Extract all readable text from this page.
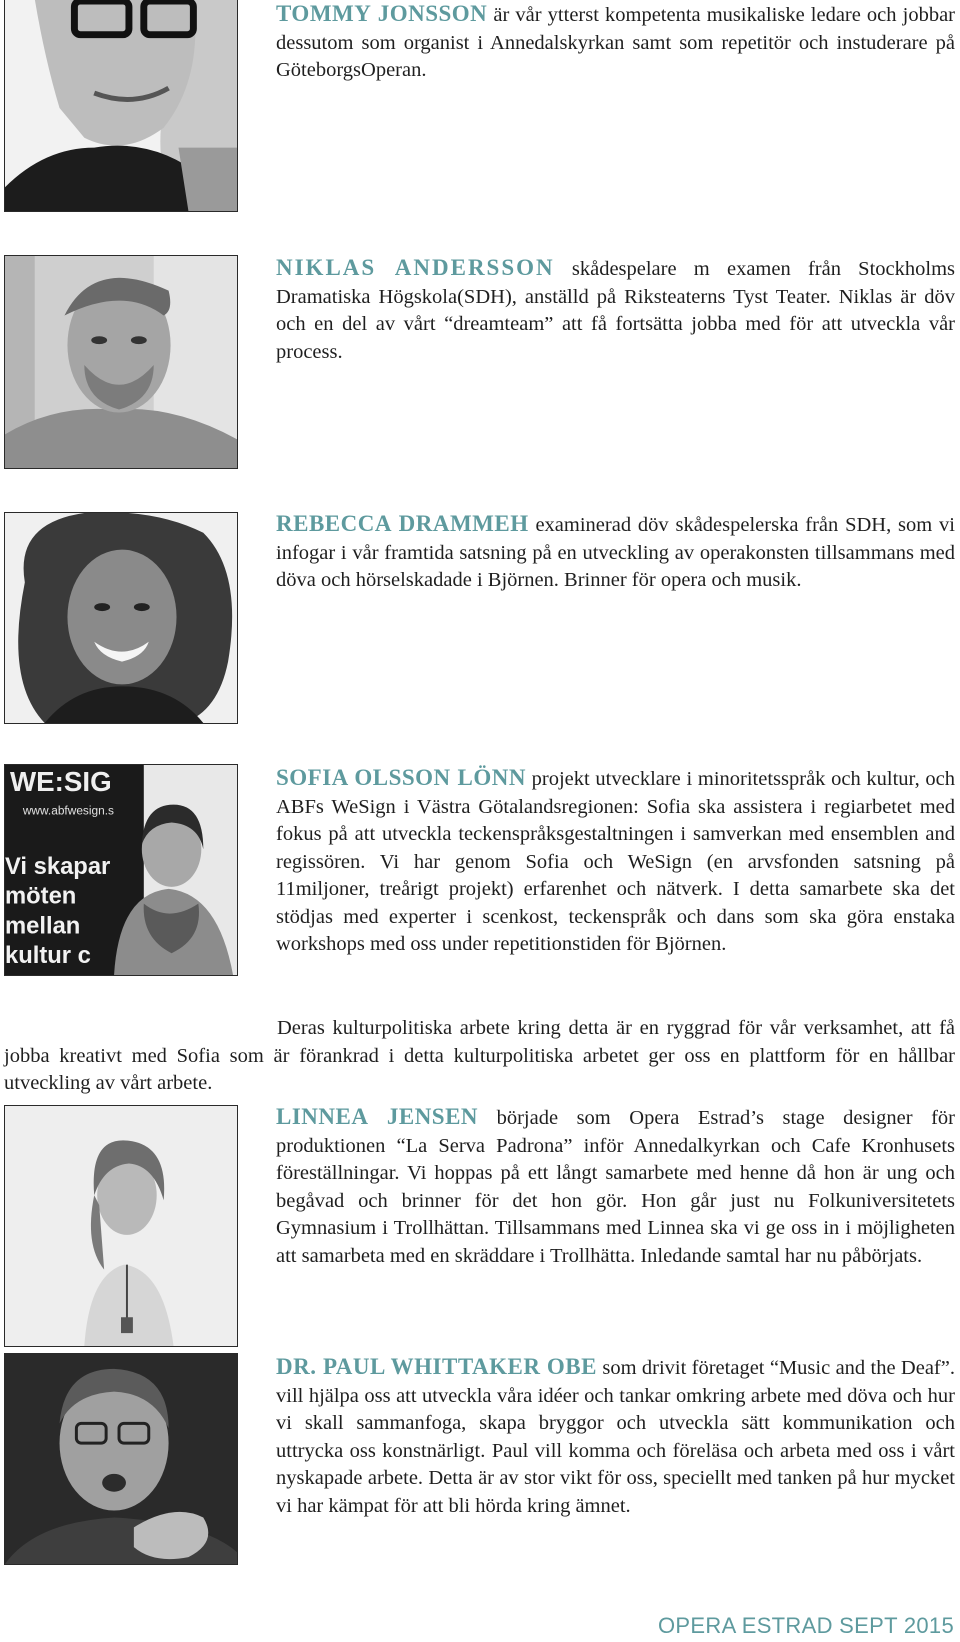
TOMMY JONSSON är vår ytterst kompetenta musikaliske ledare och jobbar dessutom som organist i Annedalskyrkan samt som repetitör och instuderare på GöteborgsOperan.

NIKLAS ANDERSSON skådespelare m examen från Stockholms Dramatiska Högskola(SDH), anställd på Riksteaterns Tyst Teater. Niklas är döv och en del av vårt “dreamteam” att få fortsätta jobba med för att utveckla vår process.

REBECCA DRAMMEH examinerad döv skådespelerska från SDH, som vi infogar i vår framtida satsning på en utveckling av operakonsten tillsammans med döva och hörselskadade i Björnen. Brinner för opera och musik.

WE:SIG
www.abfwesign.s
Vi skapar
möten
mellan
kultur c

SOFIA OLSSON LÖNN projekt utvecklare i minoritetsspråk och kultur, och ABFs WeSign i Västra Götalandsregionen: Sofia ska assistera i regiarbetet med fokus på att utveckla teckenspråksgestaltningen i samverkan med ensemblen and regissören. Vi har genom Sofia och WeSign (en arvsfonden satsning på 11miljoner, treårigt projekt) erfarenhet och nätverk. I detta samarbete ska det stödjas med experter i scenkost, teckenspråk och dans som ska göra enstaka workshops med oss under repetitionstiden för Björnen.

Deras kulturpolitiska arbete kring detta är en ryggrad för vår verksamhet, att få jobba kreativt med Sofia som är förankrad i detta kulturpolitiska arbetet ger oss en plattform för en hållbar utveckling av vårt arbete.

LINNEA JENSEN började som Opera Estrad’s stage designer för produktionen “La Serva Padrona” inför Annedalkyrkan och Cafe Kronhusets föreställningar. Vi hoppas på ett långt samarbete med henne då hon är ung och begåvad och brinner för det hon gör. Hon går just nu Folkuniversitetets Gymnasium i Trollhättan. Tillsammans med Linnea ska vi ge oss in i möjligheten att samarbeta med en skräddare i Trollhätta. Inledande samtal har nu påbörjats.

DR. PAUL WHITTAKER OBE som drivit företaget “Music and the Deaf”. vill hjälpa oss att utveckla våra idéer och tankar omkring arbete med döva och hur vi skall sammanfoga, skapa bryggor och utveckla sätt kommunikation och uttrycka oss konstnärligt. Paul vill komma och föreläsa och arbeta med oss i vårt nyskapade arbete. Detta är av stor vikt för oss, speciellt med tanken på hur mycket vi har kämpat för att bli hörda kring ämnet.

OPERA ESTRAD SEPT 2015
